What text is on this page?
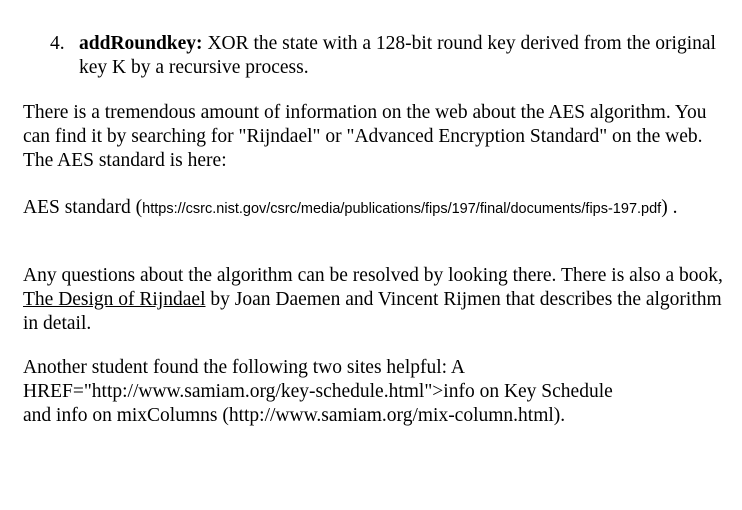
4. addRoundkey: XOR the state with a 128-bit round key derived from the original key K by a recursive process.
There is a tremendous amount of information on the web about the AES algorithm. You can find it by searching for "Rijndael" or "Advanced Encryption Standard" on the web. The AES standard is here:
AES standard (https://csrc.nist.gov/csrc/media/publications/fips/197/final/documents/fips-197.pdf) .
Any questions about the algorithm can be resolved by looking there. There is also a book, The Design of Rijndael by Joan Daemen and Vincent Rijmen that describes the algorithm in detail.
Another student found the following two sites helpful: A HREF="http://www.samiam.org/key-schedule.html">info on Key Schedule
and info on mixColumns (http://www.samiam.org/mix-column.html).
